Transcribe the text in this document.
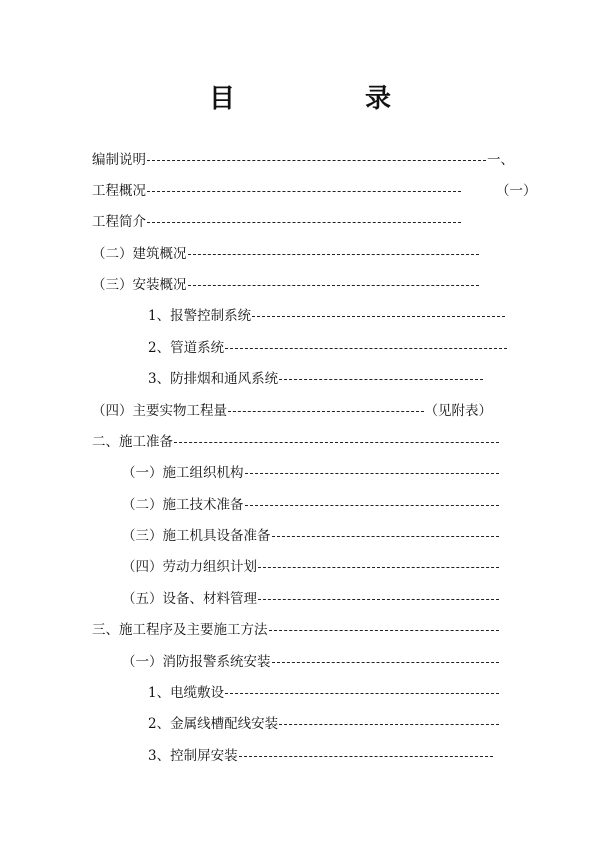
目　录
编制说明	一、
工程概况
工程简介
（二）建筑概况
（三）安装概况
1、报警控制系统
2、管道系统
3、防排烟和通风系统
（四）主要实物工程量	（见附表）
二、施工准备
（一）施工组织机构
（二）施工技术准备
（三）施工机具设备准备
（四）劳动力组织计划
（五）设备、材料管理
三、施工程序及主要施工方法
（一）消防报警系统安装
1、电缆敷设
2、金属线槽配线安装
3、控制屏安装
（一）
